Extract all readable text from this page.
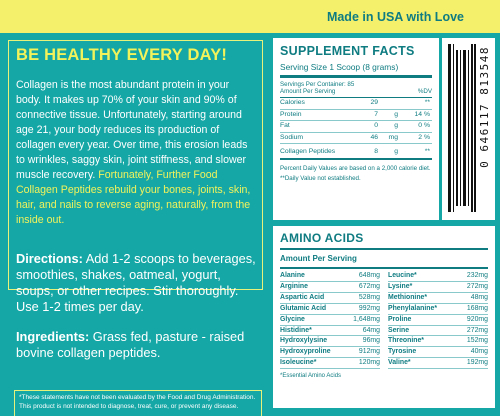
Made in USA with Love
BE HEALTHY EVERY DAY!
Collagen is the most abundant protein in your body. It makes up 70% of your skin and 90% of connective tissue. Unfortunately, starting around age 21, your body reduces its production of collagen every year. Over time, this erosion leads to wrinkles, saggy skin, joint stiffness, and slower muscle recovery. Fortunately, Further Food Collagen Peptides rebuild your bones, joints, skin, hair, and nails to reverse aging, naturally, from the inside out.
Directions: Add 1-2 scoops to beverages, smoothies, shakes, oatmeal, yogurt, soups, or other recipes. Stir thoroughly. Use 1-2 times per day.
Ingredients: Grass fed, pasture - raised bovine collagen peptides.
*These statements have not been evaluated by the Food and Drug Administration. This product is not intended to diagnose, treat, cure, or prevent any disease.
SUPPLEMENT FACTS
Serving Size 1 Scoop (8 grams)
Servings Per Container: 85
Amount Per Serving	%DV
Calories	29	**
Protein	7	g	14 %
Fat	0	g	0 %
Sodium	46	mg	2 %
Collagen Peptides	8	g	**
Percent Daily Values are based on a 2,000 calorie diet.
**Daily Value not established.
0 646117 813548
AMINO ACIDS
Amount Per Serving
Alanine	648mg
Arginine	672mg
Aspartic Acid	528mg
Glutamic Acid	992mg
Glycine	1,648mg
Histidine*	64mg
Hydroxylysine	96mg
Hydroxyproline	912mg
Isoleucine*	120mg
Leucine*	232mg
Lysine*	272mg
Methionine*	48mg
Phenylalanine*	168mg
Proline	920mg
Serine	272mg
Threonine*	152mg
Tyrosine	40mg
Valine*	192mg
*Essential Amino Acids
